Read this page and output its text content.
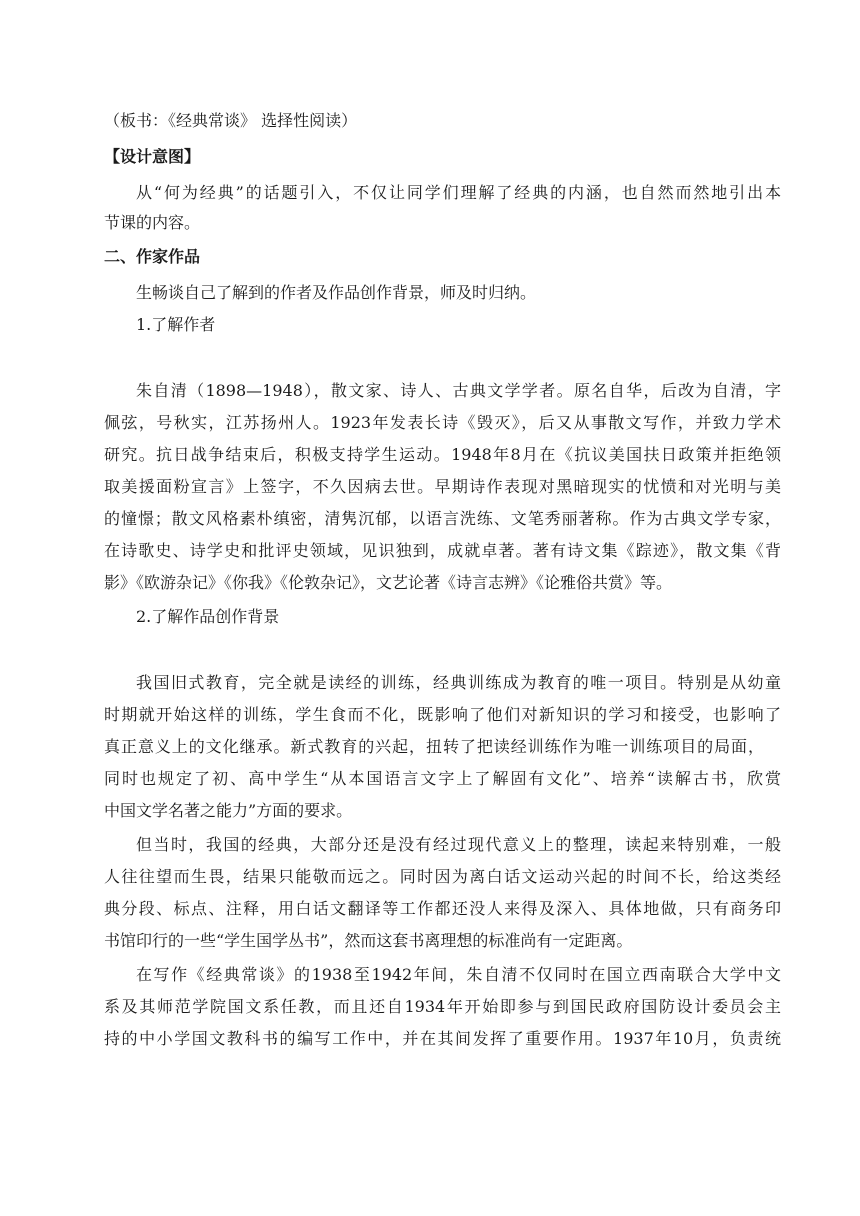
（板书：《经典常谈》 选择性阅读）
【设计意图】
从“何为经典”的话题引入，不仅让同学们理解了经典的内涵，也自然而然地引出本
节课的内容。
二、作家作品
生畅谈自己了解到的作者及作品创作背景，师及时归纳。
1.了解作者
朱自清（1898—1948），散文家、诗人、古典文学学者。原名自华，后改为自清，字
佩弦，号秋实，江苏扬州人。1923年发表长诗《毁灭》，后又从事散文写作，并致力学术
研究。抗日战争结束后，积极支持学生运动。1948年8月在《抗议美国扶日政策并拒绝领
取美援面粉宣言》上签字，不久因病去世。早期诗作表现对黑暗现实的忧愤和对光明与美
的憧憬；散文风格素朴缜密，清隽沉郁，以语言洗练、文笔秀丽著称。作为古典文学专家，
在诗歌史、诗学史和批评史领域，见识独到，成就卓著。著有诗文集《踪迹》，散文集《背
影》《欧游杂记》《你我》《伦敦杂记》，文艺论著《诗言志辨》《论雅俗共赏》等。
2.了解作品创作背景
我国旧式教育，完全就是读经的训练，经典训练成为教育的唯一项目。特别是从幼童
时期就开始这样的训练，学生食而不化，既影响了他们对新知识的学习和接受，也影响了
真正意义上的文化继承。新式教育的兴起，扭转了把读经训练作为唯一训练项目的局面，
同时也规定了初、高中学生“从本国语言文字上了解固有文化”、培养“读解古书，欣赏
中国文学名著之能力”方面的要求。
但当时，我国的经典，大部分还是没有经过现代意义上的整理，读起来特别难，一般
人往往望而生畏，结果只能敬而远之。同时因为离白话文运动兴起的时间不长，给这类经
典分段、标点、注释，用白话文翻译等工作都还没人来得及深入、具体地做，只有商务印
书馆印行的一些“学生国学丛书”，然而这套书离理想的标准尚有一定距离。
在写作《经典常谈》的1938至1942年间，朱自清不仅同时在国立西南联合大学中文
系及其师范学院国文系任教，而且还自1934年开始即参与到国民政府国防设计委员会主
持的中小学国文教科书的编写工作中，并在其间发挥了重要作用。1937年10月，负责统
